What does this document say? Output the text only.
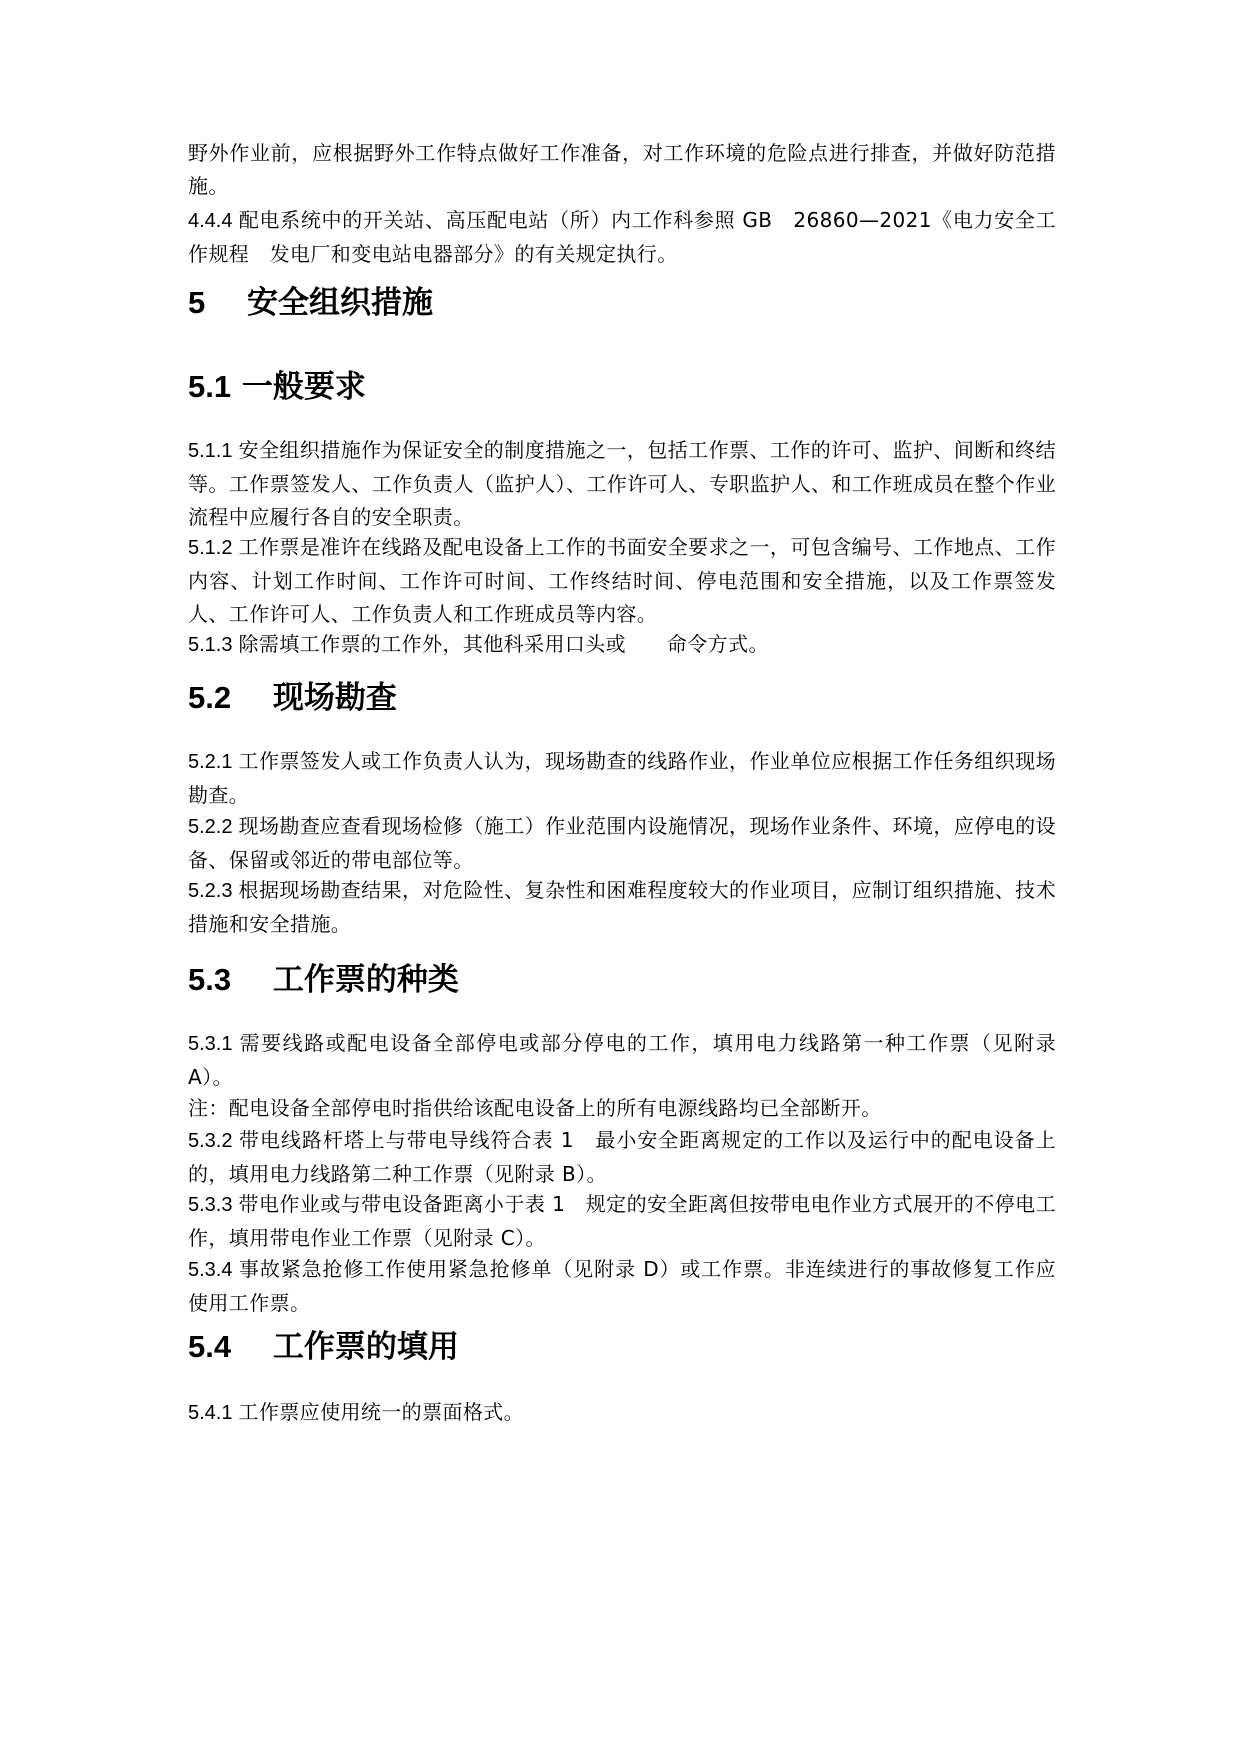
野外作业前，应根据野外工作特点做好工作准备，对工作环境的危险点进行排查，并做好防范措施。

4.4.4 配电系统中的开关站、高压配电站（所）内工作科参照 GB　26860—2021《电力安全工作规程　发电厂和变电站电器部分》的有关规定执行。

5　 安全组织措施
5.1 一般要求

5.1.1 安全组织措施作为保证安全的制度措施之一，包括工作票、工作的许可、监护、间断和终结等。工作票签发人、工作负责人（监护人）、工作许可人、专职监护人、和工作班成员在整个作业流程中应履行各自的安全职责。

5.1.2 工作票是准许在线路及配电设备上工作的书面安全要求之一，可包含编号、工作地点、工作内容、计划工作时间、工作许可时间、工作终结时间、停电范围和安全措施，以及工作票签发人、工作许可人、工作负责人和工作班成员等内容。

5.1.3 除需填工作票的工作外，其他科采用口头或　　命令方式。

5.2　 现场勘查

5.2.1 工作票签发人或工作负责人认为，现场勘查的线路作业，作业单位应根据工作任务组织现场勘查。

5.2.2 现场勘查应查看现场检修（施工）作业范围内设施情况，现场作业条件、环境，应停电的设备、保留或邻近的带电部位等。

5.2.3 根据现场勘查结果，对危险性、复杂性和困难程度较大的作业项目，应制订组织措施、技术措施和安全措施。

5.3　 工作票的种类

5.3.1 需要线路或配电设备全部停电或部分停电的工作，填用电力线路第一种工作票（见附录 A）。

注：配电设备全部停电时指供给该配电设备上的所有电源线路均已全部断开。

5.3.2 带电线路杆塔上与带电导线符合表 1　最小安全距离规定的工作以及运行中的配电设备上的，填用电力线路第二种工作票（见附录 B）。

5.3.3 带电作业或与带电设备距离小于表 1　规定的安全距离但按带电电作业方式展开的不停电工作，填用带电作业工作票（见附录 C）。

5.3.4 事故紧急抢修工作使用紧急抢修单（见附录 D）或工作票。非连续进行的事故修复工作应使用工作票。

5.4　 工作票的填用

5.4.1 工作票应使用统一的票面格式。
